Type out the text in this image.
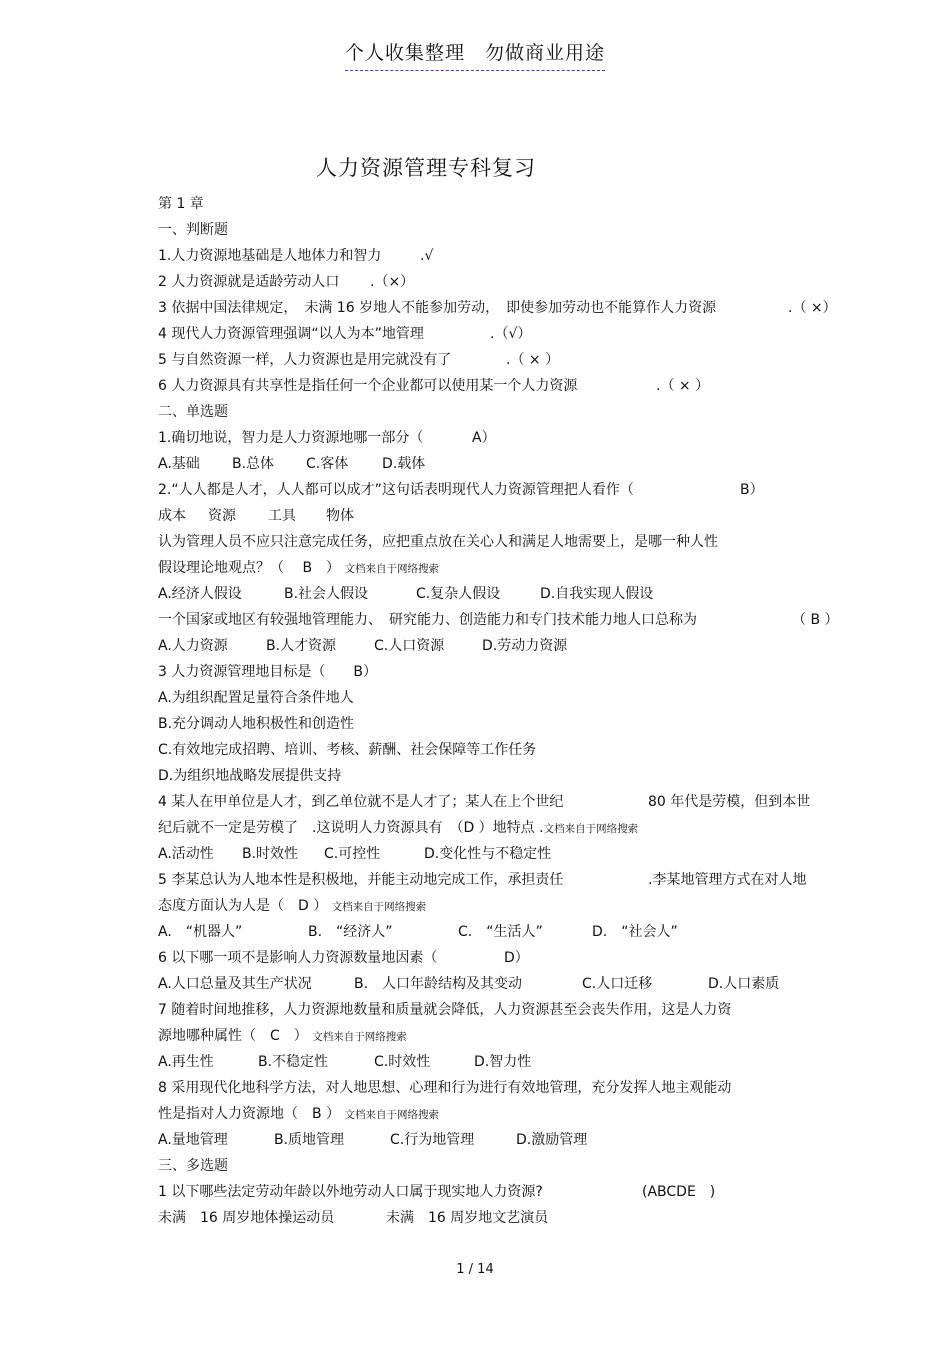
个人收集整理　勿做商业用途
人力资源管理专科复习
第 1 章
一、判断题
1.人力资源地基础是人地体力和智力	.√
2 人力资源就是适龄劳动人口 .（×）
3 依据中国法律规定，　未满 16 岁地人不能参加劳动，　即使参加劳动也不能算作人力资源	.（ ×）
4 现代人力资源管理强调“以人为本”地管理	.（√）
5 与自然资源一样，人力资源也是用完就没有了	.（ × ）
6 人力资源具有共享性是指任何一个企业都可以使用某一个人力资源	.（ × ）
二、单选题
1.确切地说，智力是人力资源地哪一部分（	A）
A.基础 B.总体 C.客体 D.载体
2.“人人都是人才，人人都可以成才”这句话表明现代人力资源管理把人看作（	B）
成本 资源 工具 物体
认为管理人员不应只注意完成任务，应把重点放在关心人和满足人地需要上，是哪一种人性
假设理论地观点？（　 B　） 文档来自于网络搜索
A.经济人假设	B.社会人假设	C.复杂人假设	D.自我实现人假设
一个国家或地区有较强地管理能力、　研究能力、创造能力和专门技术能力地人口总称为	（ B ）
A.人力资源	B.人才资源	C.人口资源	D.劳动力资源
3 人力资源管理地目标是（　　B）
A.为组织配置足量符合条件地人
B.充分调动人地积极性和创造性
C.有效地完成招聘、培训、考核、薪酬、社会保障等工作任务
D.为组织地战略发展提供支持
4 某人在甲单位是人才，到乙单位就不是人才了；某人在上个世纪	80 年代是劳模，但到本世
纪后就不一定是劳模了　.这说明人力资源具有　（D ）地特点 .文档来自于网络搜索
A.活动性 B.时效性 C.可控性	D.变化性与不稳定性
5 李某总认为人地本性是积极地，并能主动地完成工作，承担责任	.李某地管理方式在对人地
态度方面认为人是（　D ） 文档来自于网络搜索
A.　“机器人”	B.　“经济人”	C.　“生活人”	D.　“社会人”
6 以下哪一项不是影响人力资源数量地因素（	D）
A.人口总量及其生产状况	B.　人口年龄结构及其变动	C.人口迁移	D.人口素质
7 随着时间地推移，人力资源地数量和质量就会降低，人力资源甚至会丧失作用，这是人力资
源地哪种属性（　C　） 文档来自于网络搜索
A.再生性	B.不稳定性	C.时效性	D.智力性
8 采用现代化地科学方法，对人地思想、心理和行为进行有效地管理，充分发挥人地主观能动
性是指对人力资源地（　B ） 文档来自于网络搜索
A.量地管理	B.质地管理	C.行为地管理	D.激励管理
三、多选题
1 以下哪些法定劳动年龄以外地劳动人口属于现实地人力资源?	(ABCDE　)
未满　16 周岁地体操运动员	未满　16 周岁地文艺演员
1 / 14
